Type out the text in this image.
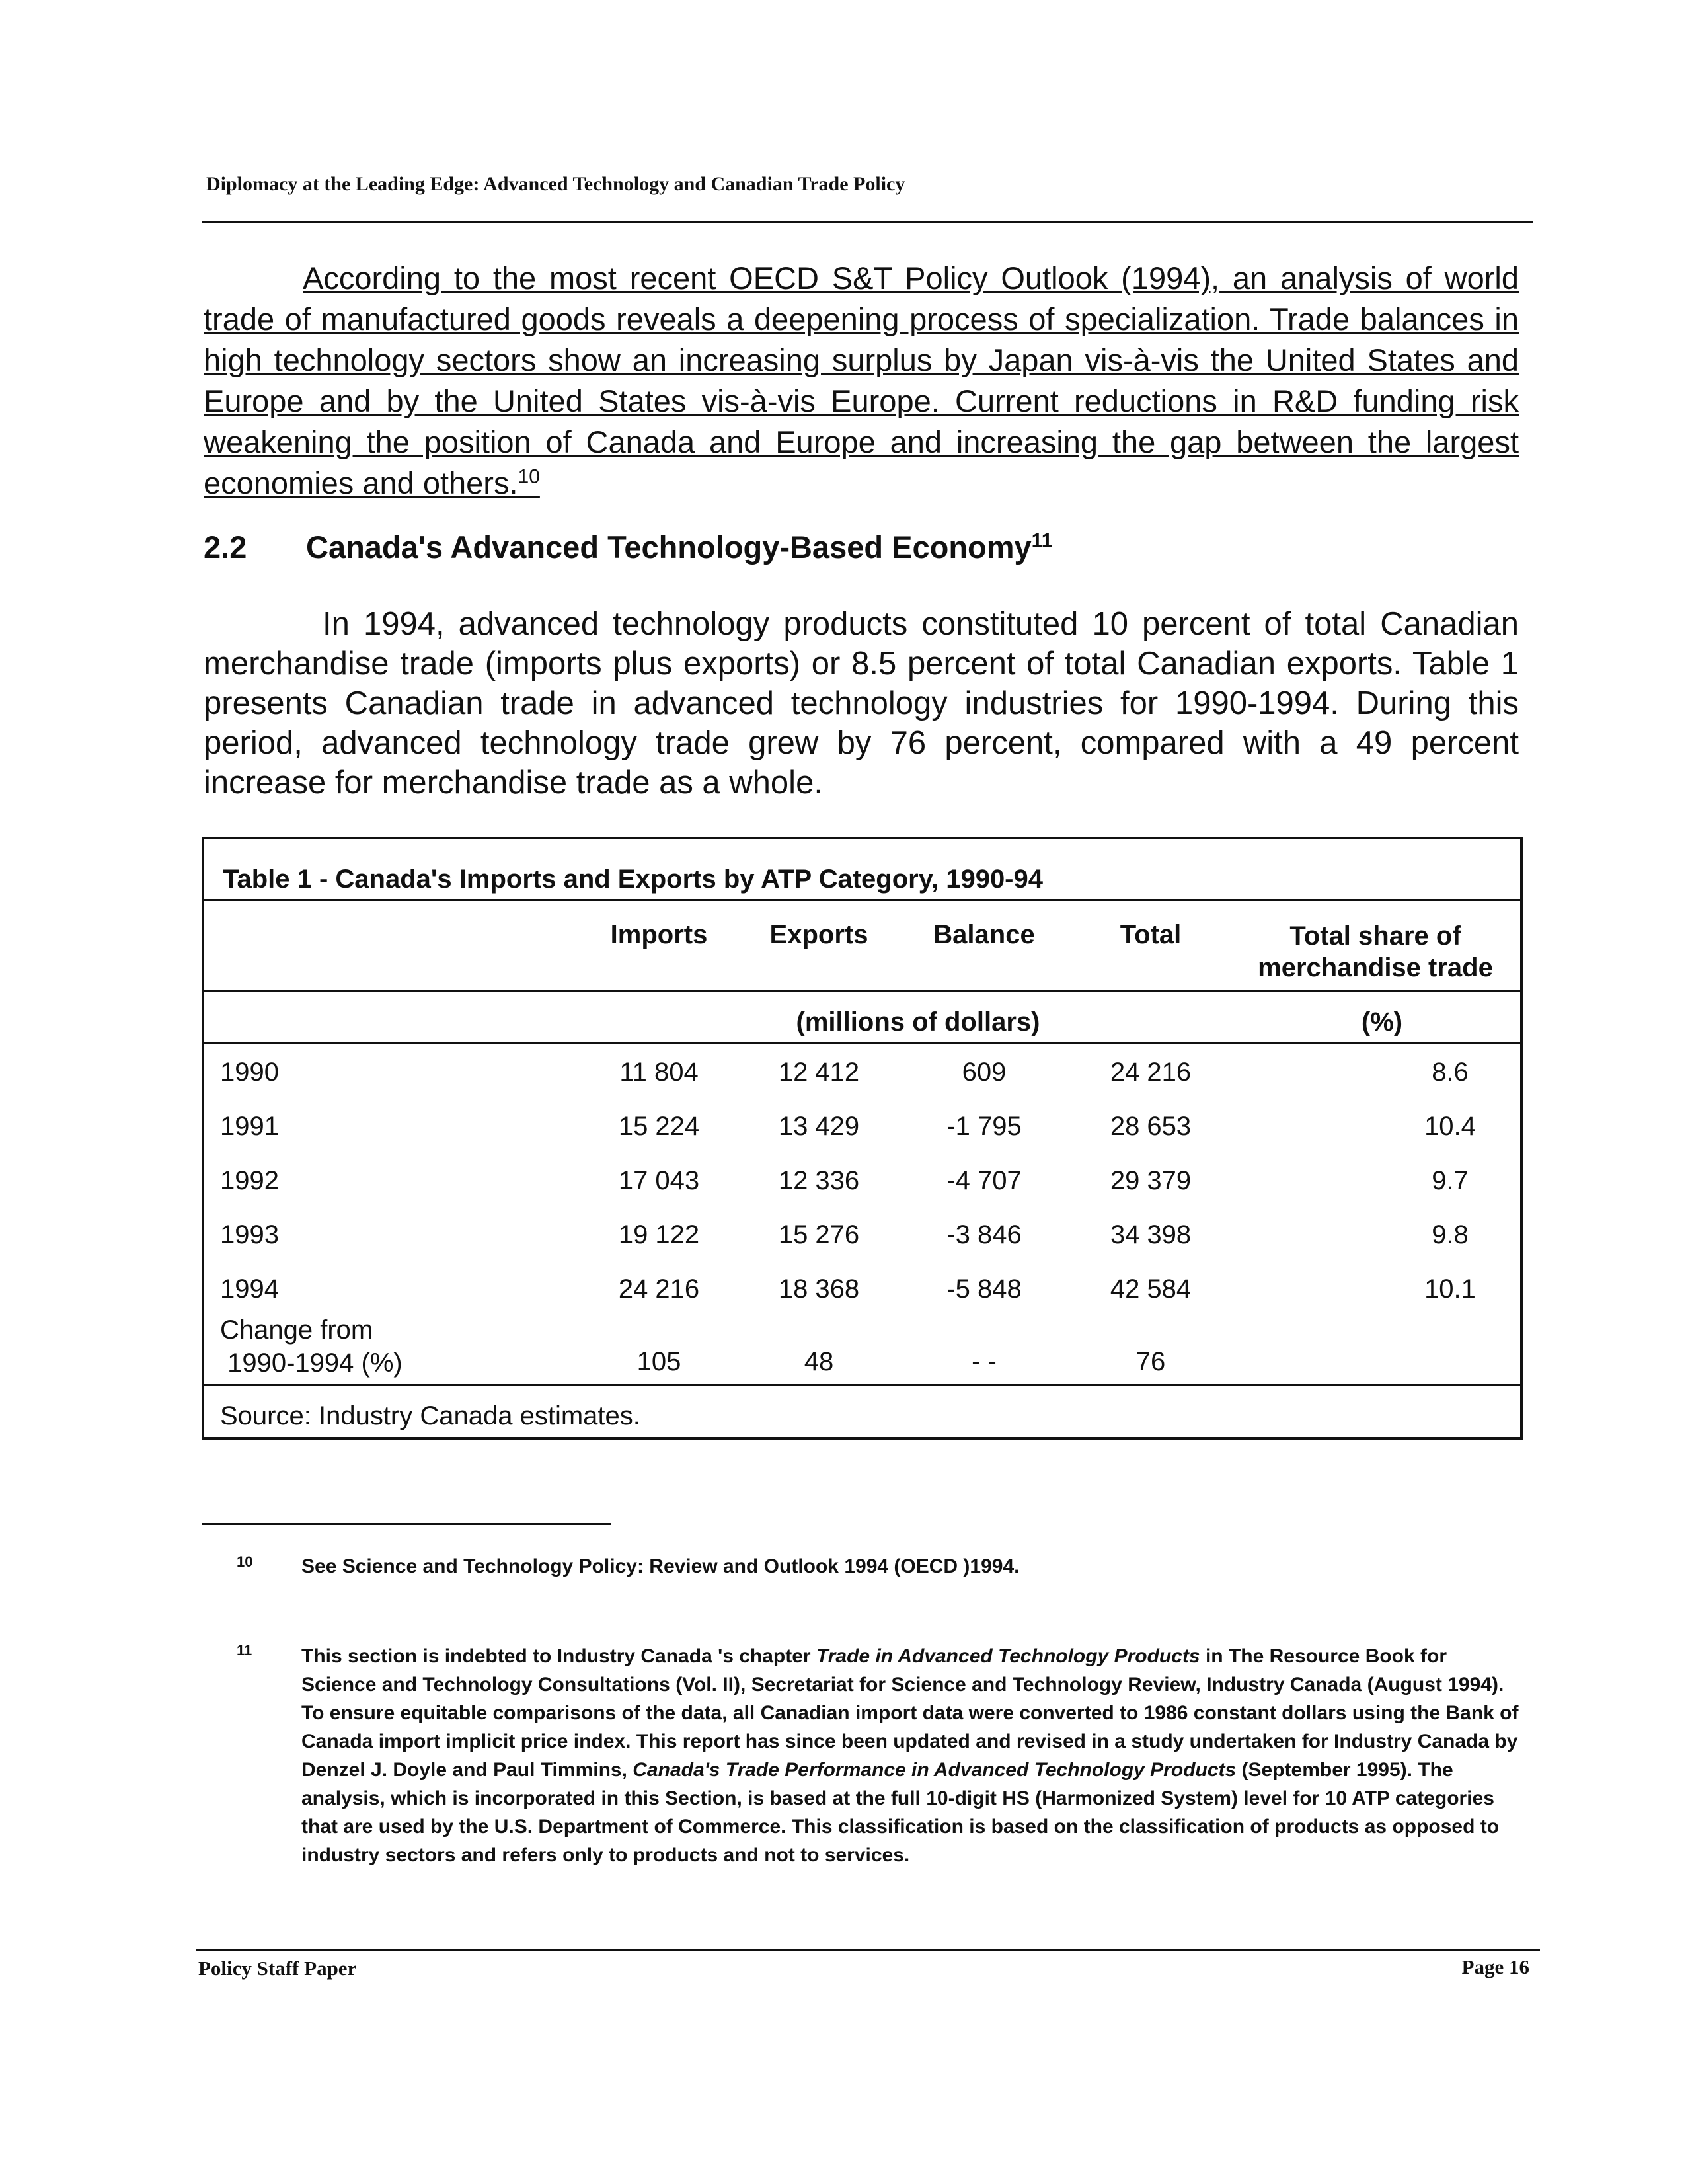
Diplomacy at the Leading Edge: Advanced Technology and Canadian Trade Policy

According to the most recent OECD S&T Policy Outlook (1994), an analysis of world trade of manufactured goods reveals a deepening process of specialization. Trade balances in high technology sectors show an increasing surplus by Japan vis-à-vis the United States and Europe and by the United States vis-à-vis Europe. Current reductions in R&D funding risk weakening the position of Canada and Europe and increasing the gap between the largest economies and others.$^{10}$

2.2 Canada's Advanced Technology-Based Economy$^{11}$

In 1994, advanced technology products constituted 10 percent of total Canadian merchandise trade (imports plus exports) or 8.5 percent of total Canadian exports. Table 1 presents Canadian trade in advanced technology industries for 1990-1994. During this period, advanced technology trade grew by 76 percent, compared with a 49 percent increase for merchandise trade as a whole.

Table 1 - Canada's Imports and Exports by ATP Category, 1990-94
Imports	Exports	Balance	Total	Total share of
merchandise trade
(millions of dollars)	(%)
1990	11 804	12 412	609	24 216	8.6
1991	15 224	13 429	-1 795	28 653	10.4
1992	17 043	12 336	-4 707	29 379	9.7
1993	19 122	15 276	-3 846	34 398	9.8
1994	24 216	18 368	-5 848	42 584	10.1
Change from
1990-1994 (%)	105	48	- -	76
Source: Industry Canada estimates.
10 See Science and Technology Policy: Review and Outlook 1994 (OECD )1994.

11 This section is indebted to Industry Canada 's chapter Trade in Advanced Technology Products in The Resource Book for Science and Technology Consultations (Vol. II), Secretariat for Science and Technology Review, Industry Canada (August 1994). To ensure equitable comparisons of the data, all Canadian import data were converted to 1986 constant dollars using the Bank of Canada import implicit price index. This report has since been updated and revised in a study undertaken for Industry Canada by Denzel J. Doyle and Paul Timmins, Canada's Trade Performance in Advanced Technology Products (September 1995). The analysis, which is incorporated in this Section, is based at the full 10-digit HS (Harmonized System) level for 10 ATP categories that are used by the U.S. Department of Commerce. This classification is based on the classification of products as opposed to industry sectors and refers only to products and not to services.

Policy Staff Paper	Page 16
